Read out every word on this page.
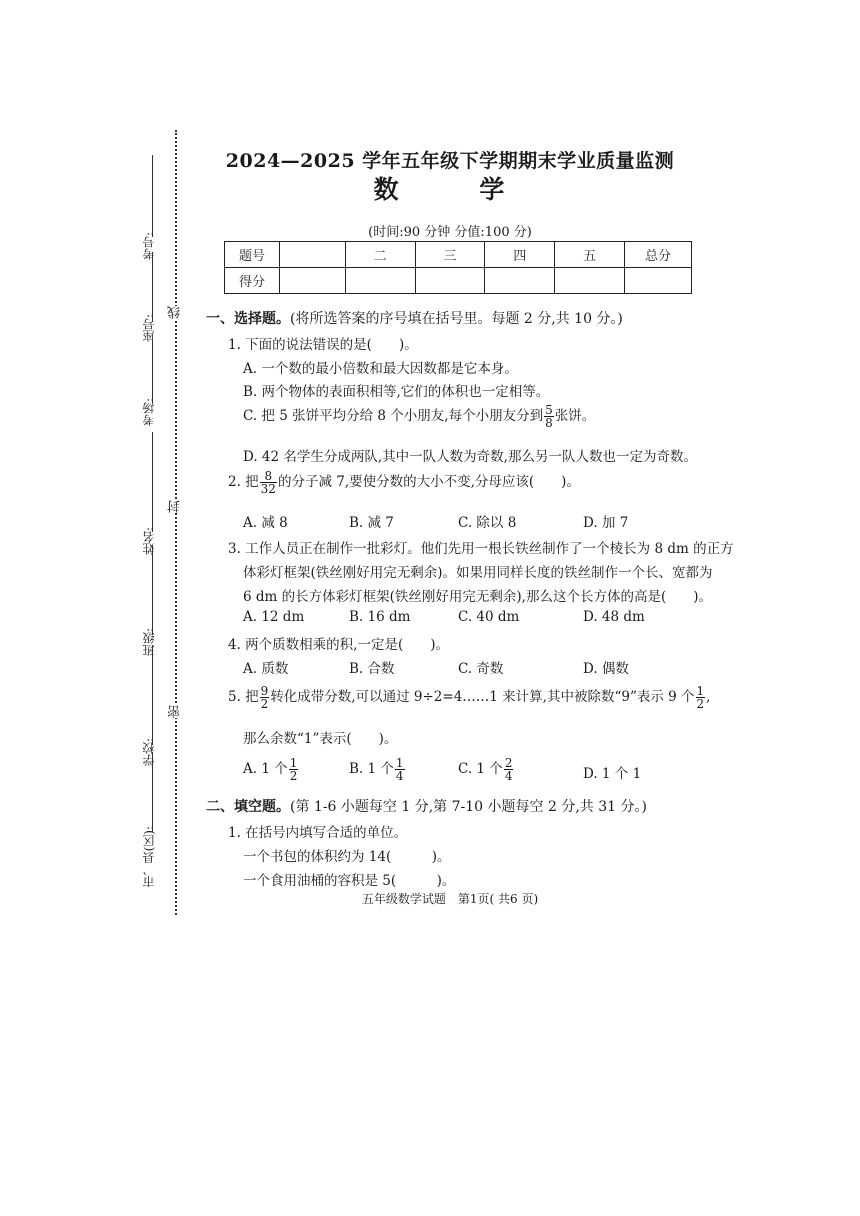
线
封
密
考号:
座号:
考场:
姓名:
班级:
学校:
市、县(区):
2024—2025 学年五年级下学期期末学业质量监测
数 学
(时间:90 分钟 分值:100 分)
题号		二	三	四	五	总分
得分						
一、选择题。(将所选答案的序号填在括号里。每题 2 分,共 10 分。)
1. 下面的说法错误的是(　　)。
A. 一个数的最小倍数和最大因数都是它本身。
B. 两个物体的表面积相等,它们的体积也一定相等。
C. 把 5 张饼平均分给 8 个小朋友,每个小朋友分到 $\frac{5}{8}$ 张饼。
D. 42 名学生分成两队,其中一队人数为奇数,那么另一队人数也一定为奇数。
2. 把 $\frac{8}{32}$ 的分子减 7,要使分数的大小不变,分母应该(　　)。
A. 减 8	B. 减 7	C. 除以 8	D. 加 7
3. 工作人员正在制作一批彩灯。他们先用一根长铁丝制作了一个棱长为 8 dm 的正方
体彩灯框架(铁丝刚好用完无剩余)。如果用同样长度的铁丝制作一个长、宽都为
6 dm 的长方体彩灯框架(铁丝刚好用完无剩余),那么这个长方体的高是(　　)。
A. 12 dm	B. 16 dm	C. 40 dm	D. 48 dm
4. 两个质数相乘的积,一定是(　　)。
A. 质数	B. 合数	C. 奇数	D. 偶数
5. 把 $\frac{9}{2}$ 转化成带分数,可以通过 9÷2=4……1 来计算,其中被除数“9”表示 9 个 $\frac{1}{2}$ ,
那么余数“1”表示(　　)。
A. 1 个 $\frac{1}{2}$	B. 1 个 $\frac{1}{4}$	C. 1 个 $\frac{2}{4}$	D. 1 个 1
二、填空题。(第 1-6 小题每空 1 分,第 7-10 小题每空 2 分,共 31 分。)
1. 在括号内填写合适的单位。
一个书包的体积约为 14(　　　)。
一个食用油桶的容积是 5(　　　)。
五年级数学试题　第1页( 共6 页)
